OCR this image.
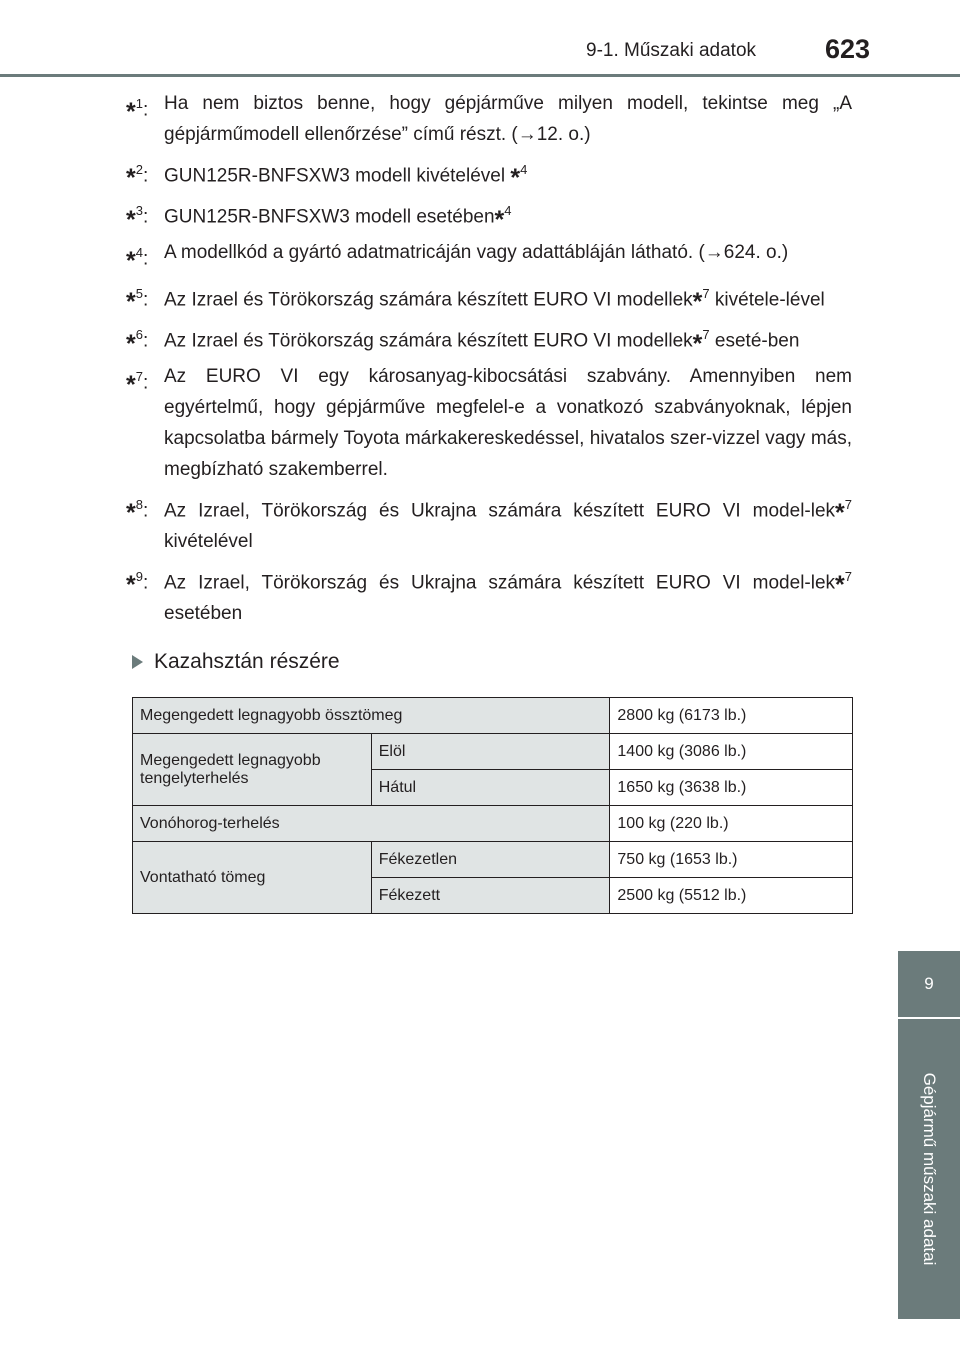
9-1. Műszaki adatok	623
9
Gépjármű műszaki adatai
*$^1$: Ha nem biztos benne, hogy gépjárműve milyen modell, tekintse meg „A gépjárműmodell ellenőrzése” című részt. (→12. o.)
*$^2$: GUN125R-BNFSXW3 modell kivételével *$^4$
*$^3$: GUN125R-BNFSXW3 modell esetében*$^4$
*$^4$: A modellkód a gyártó adatmatricáján vagy adattábláján látható. (→624. o.)
*$^5$: Az Izrael és Törökország számára készített EURO VI modellek*$^7$ kivétele-lével
*$^6$: Az Izrael és Törökország számára készített EURO VI modellek*$^7$ eseté-ben
*$^7$: Az EURO VI egy károsanyag-kibocsátási szabvány. Amennyiben nem egyértelmű, hogy gépjárműve megfelel-e a vonatkozó szabványoknak, lépjen kapcsolatba bármely Toyota márkakereskedéssel, hivatalos szer-vizzel vagy más, megbízható szakemberrel.
*$^8$: Az Izrael, Törökország és Ukrajna számára készített EURO VI model-lek*$^7$ kivételével
*$^9$: Az Izrael, Törökország és Ukrajna számára készített EURO VI model-lek*$^7$ esetében
Kazahsztán részére
Megengedett legnagyobb össztömeg		2800 kg (6173 lb.)
Megengedett legnagyobb tengelyterhelés	Elöl	1400 kg (3086 lb.)
	Hátul	1650 kg (3638 lb.)
Vonóhorog-terhelés		100 kg (220 lb.)
Vontatható tömeg	Fékezetlen	750 kg (1653 lb.)
	Fékezett	2500 kg (5512 lb.)
